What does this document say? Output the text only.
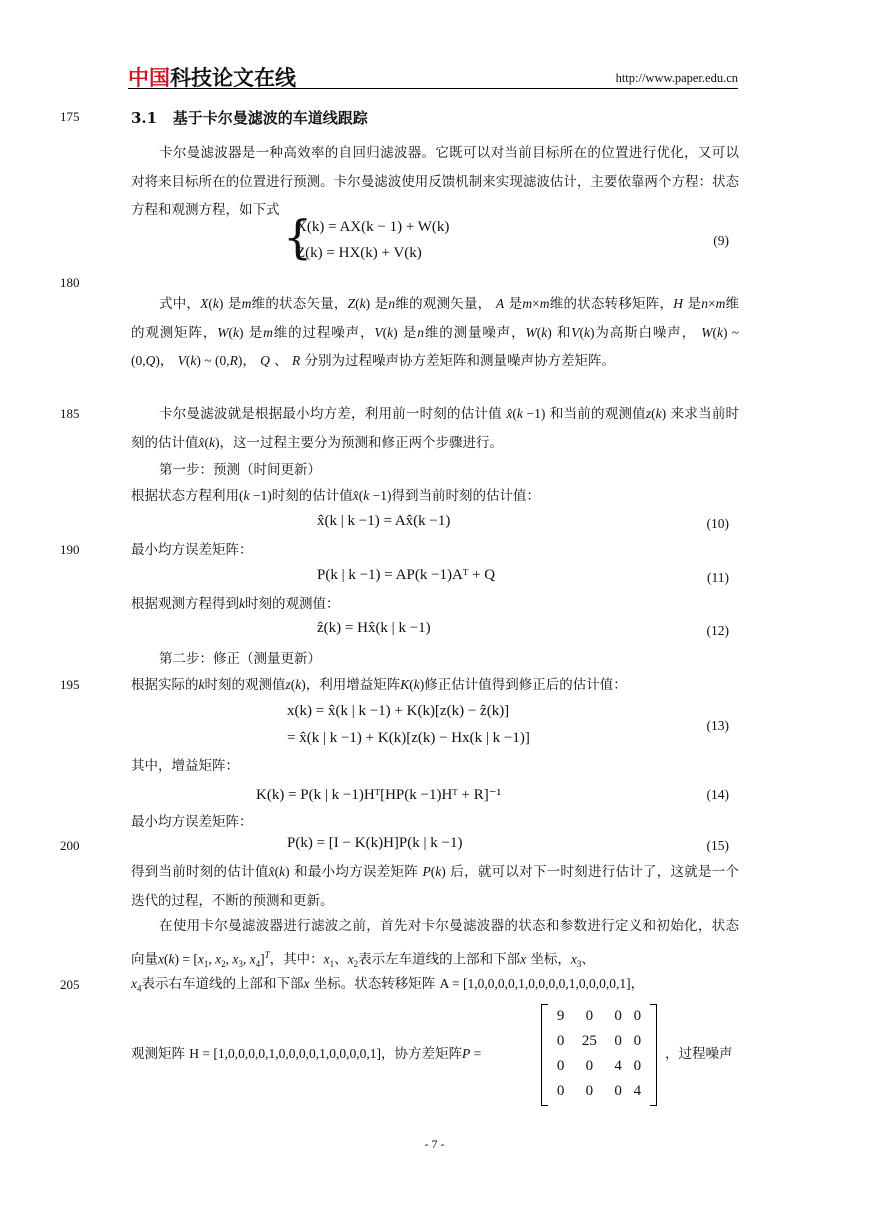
中国科技论文在线	http://www.paper.edu.cn
175
180
185
190
195
200
205
3.1 基于卡尔曼滤波的车道线跟踪
卡尔曼滤波器是一种高效率的自回归滤波器。它既可以对当前目标所在的位置进行优化，又可以对将来目标所在的位置进行预测。卡尔曼滤波使用反馈机制来实现滤波估计，主要依靠两个方程：状态方程和观测方程，如下式 {
X(k) = AX(k − 1) + W(k)
Z(k) = HX(k) + V(k)
(9)
式中，X(k) 是m维的状态矢量，Z(k) 是n维的观测矢量， A 是m×m维的状态转移矩阵，H 是n×m维的观测矩阵，W(k) 是m维的过程噪声，V(k) 是n维的测量噪声，W(k) 和V(k)为高斯白噪声， W(k) ~ (0,Q)， V(k) ~ (0,R)， Q 、 R 分别为过程噪声协方差矩阵和测量噪声协方差矩阵。
卡尔曼滤波就是根据最小均方差，利用前一时刻的估计值 x̂(k −1) 和当前的观测值z(k) 来求当前时刻的估计值x̂(k)，这一过程主要分为预测和修正两个步骤进行。
第一步：预测（时间更新）
根据状态方程利用(k −1)时刻的估计值x̂(k −1)得到当前时刻的估计值：
x̂(k | k −1) = Ax̂(k −1)	(10)
最小均方误差矩阵：
P(k | k −1) = AP(k −1)Aᵀ + Q	(11)
根据观测方程得到k时刻的观测值：
ẑ(k) = Hx̂(k | k −1)	(12)
第二步：修正（测量更新）
根据实际的k时刻的观测值z(k)，利用增益矩阵K(k)修正估计值得到修正后的估计值：
x(k) = x̂(k | k −1) + K(k)[z(k) − ẑ(k)]
= x̂(k | k −1) + K(k)[z(k) − Hx(k | k −1)]
(13)
其中，增益矩阵：
K(k) = P(k | k −1)Hᵀ[HP(k −1)Hᵀ + R]⁻¹	(14)
最小均方误差矩阵：
P(k) = [I − K(k)H]P(k | k −1)	(15)
得到当前时刻的估计值x̂(k) 和最小均方误差矩阵 P(k) 后，就可以对下一时刻进行估计了，这就是一个迭代的过程，不断的预测和更新。
在使用卡尔曼滤波器进行滤波之前，首先对卡尔曼滤波器的状态和参数进行定义和初始化，状态向量$x(k) = [x_1$, $x_2$, $x_3$, $x_4]^T$，其中：$x_1$、$x_2$表示左车道线的上部和下部x 坐标，$x_3$、
$x_4$表示右车道线的上部和下部x 坐标。状态转移矩阵 A = [1,0,0,0,0,1,0,0,0,0,1,0,0,0,0,1]，
观测矩阵 H = [1,0,0,0,0,1,0,0,0,0,1,0,0,0,0,1]，协方差矩阵P =
9	0	0	0
0	25	0	0
0	0	4	0
0	0	0	4
，过程噪声
- 7 -
